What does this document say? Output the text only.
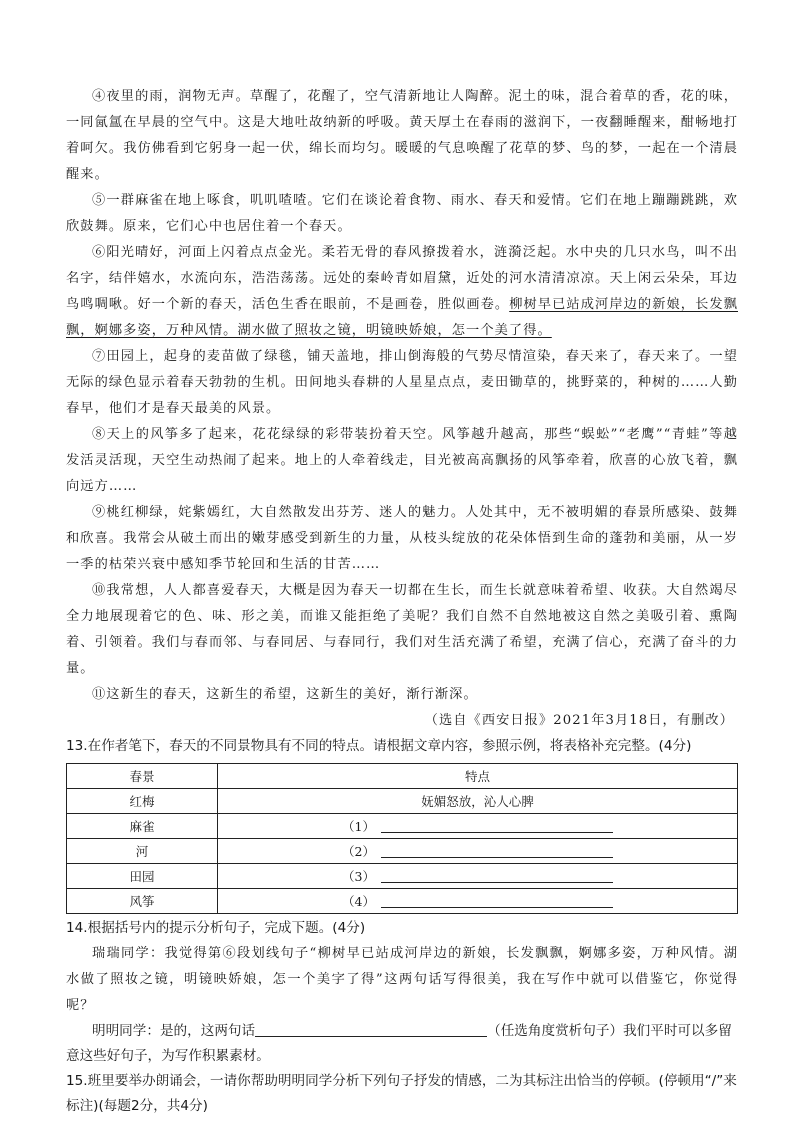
④夜里的雨，润物无声。草醒了，花醒了，空气清新地让人陶醉。泥土的味，混合着草的香，花的味，一同氤氲在早晨的空气中。这是大地吐故纳新的呼吸。黄天厚土在春雨的滋润下，一夜翻睡醒来，酣畅地打着呵欠。我仿佛看到它躬身一起一伏，绵长而均匀。暖暖的气息唤醒了花草的梦、鸟的梦，一起在一个清晨醒来。

⑤一群麻雀在地上啄食，叽叽喳喳。它们在谈论着食物、雨水、春天和爱情。它们在地上蹦蹦跳跳，欢欣鼓舞。原来，它们心中也居住着一个春天。

⑥阳光晴好，河面上闪着点点金光。柔若无骨的春风撩拨着水，涟漪泛起。水中央的几只水鸟，叫不出名字，结伴嬉水，水流向东，浩浩荡荡。远处的秦岭青如眉黛，近处的河水清清凉凉。天上闲云朵朵，耳边鸟鸣啁啾。好一个新的春天，活色生香在眼前，不是画卷，胜似画卷。柳树早已站成河岸边的新娘，长发飘飘，婀娜多姿，万种风情。湖水做了照妆之镜，明镜映娇娘，怎一个美了得。

⑦田园上，起身的麦苗做了绿毯，铺天盖地，排山倒海般的气势尽情渲染，春天来了，春天来了。一望无际的绿色显示着春天勃勃的生机。田间地头春耕的人星星点点，麦田锄草的，挑野菜的，种树的……人勤春早，他们才是春天最美的风景。

⑧天上的风筝多了起来，花花绿绿的彩带装扮着天空。风筝越升越高，那些“蜈蚣”“老鹰”“青蛙”等越发活灵活现，天空生动热闹了起来。地上的人牵着线走，目光被高高飘扬的风筝牵着，欣喜的心放飞着，飘向远方……

⑨桃红柳绿，姹紫嫣红，大自然散发出芬芳、迷人的魅力。人处其中，无不被明媚的春景所感染、鼓舞和欣喜。我常会从破土而出的嫩芽感受到新生的力量，从枝头绽放的花朵体悟到生命的蓬勃和美丽，从一岁一季的枯荣兴衰中感知季节轮回和生活的甘苦……

⑩我常想，人人都喜爱春天，大概是因为春天一切都在生长，而生长就意味着希望、收获。大自然竭尽全力地展现着它的色、味、形之美，而谁又能拒绝了美呢？我们自然不自然地被这自然之美吸引着、熏陶着、引领着。我们与春而邻、与春同居、与春同行，我们对生活充满了希望，充满了信心，充满了奋斗的力量。

⑪这新生的春天，这新生的希望，这新生的美好，渐行渐深。

（选自《西安日报》2021年3月18日，有删改）

13.在作者笔下，春天的不同景物具有不同的特点。请根据文章内容，参照示例，将表格补充完整。(4分)

春景	特点
红梅	妩媚怒放，沁人心脾
麻雀	（1）
河	（2）
田园	（3）
风筝	（4）

14.根据括号内的提示分析句子，完成下题。(4分)

瑞瑞同学：我觉得第⑥段划线句子“柳树早已站成河岸边的新娘，长发飘飘，婀娜多姿，万种风情。湖水做了照妆之镜，明镜映娇娘，怎一个美字了得”这两句话写得很美，我在写作中就可以借鉴它，你觉得呢？

明明同学：是的，这两句话	（任选角度赏析句子）我们平时可以多留意这些好句子，为写作积累素材。

15.班里要举办朗诵会，一请你帮助明明同学分析下列句子抒发的情感，二为其标注出恰当的停顿。(停顿用“/”来标注)(每题2分，共4分)
